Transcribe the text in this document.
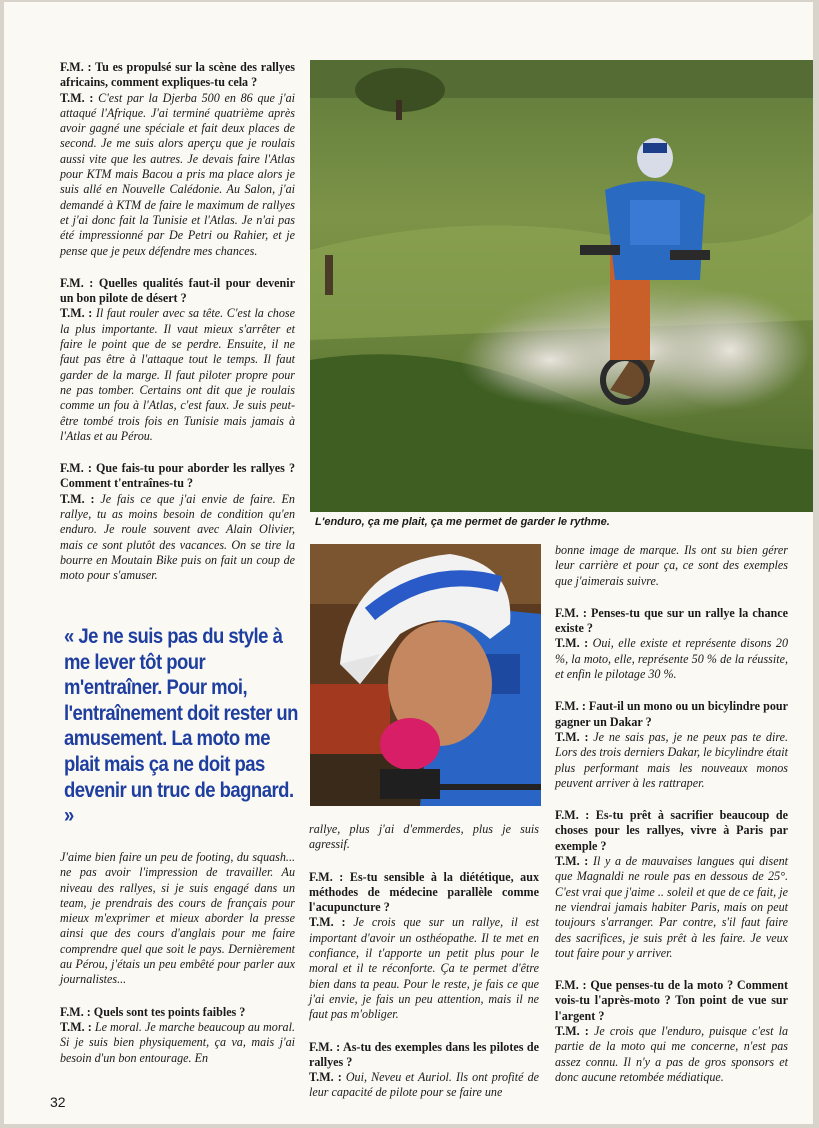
F.M. : Tu es propulsé sur la scène des rallyes africains, comment expliques-tu cela ?
T.M. : C'est par la Djerba 500 en 86 que j'ai attaqué l'Afrique. J'ai terminé quatrième après avoir gagné une spéciale et fait deux places de second. Je me suis alors aperçu que je roulais aussi vite que les autres. Je devais faire l'Atlas pour KTM mais Bacou a pris ma place alors je suis allé en Nouvelle Calédonie. Au Salon, j'ai demandé à KTM de faire le maximum de rallyes et j'ai donc fait la Tunisie et l'Atlas. Je n'ai pas été impressionné par De Petri ou Rahier, et je pense que je peux défendre mes chances.
F.M. : Quelles qualités faut-il pour devenir un bon pilote de désert ?
T.M. : Il faut rouler avec sa tête. C'est la chose la plus importante. Il vaut mieux s'arrêter et faire le point que de se perdre. Ensuite, il ne faut pas être à l'attaque tout le temps. Il faut garder de la marge. Il faut piloter propre pour ne pas tomber. Certains ont dit que je roulais comme un fou à l'Atlas, c'est faux. Je suis peut-être tombé trois fois en Tunisie mais jamais à l'Atlas et au Pérou.
F.M. : Que fais-tu pour aborder les rallyes ? Comment t'entraînes-tu ?
T.M. : Je fais ce que j'ai envie de faire. En rallye, tu as moins besoin de condition qu'en enduro. Je roule souvent avec Alain Olivier, mais ce sont plutôt des vacances. On se tire la bourre en Moutain Bike puis on fait un coup de moto pour s'amuser.
« Je ne suis pas du style à me lever tôt pour m'entraîner. Pour moi, l'entraînement doit rester un amusement. La moto me plait mais ça ne doit pas devenir un truc de bagnard. »
J'aime bien faire un peu de footing, du squash... ne pas avoir l'impression de travailler. Au niveau des rallyes, si je suis engagé dans un team, je prendrais des cours de français pour mieux m'exprimer et mieux aborder la presse ainsi que des cours d'anglais pour me faire comprendre quel que soit le pays. Dernièrement au Pérou, j'étais un peu embêté pour parler aux journalistes...
F.M. : Quels sont tes points faibles ?
T.M. : Le moral. Je marche beaucoup au moral. Si je suis bien physiquement, ça va, mais j'ai besoin d'un bon entourage. En
L'enduro, ça me plait, ça me permet de garder le rythme.
rallye, plus j'ai d'emmerdes, plus je suis agressif.
F.M. : Es-tu sensible à la diététique, aux méthodes de médecine parallèle comme l'acupuncture ?
T.M. : Je crois que sur un rallye, il est important d'avoir un osthéopathe. Il te met en confiance, il t'apporte un petit plus pour le moral et il te réconforte. Ça te permet d'être bien dans ta peau. Pour le reste, je fais ce que j'ai envie, je fais un peu attention, mais il ne faut pas m'obliger.
F.M. : As-tu des exemples dans les pilotes de rallyes ?
T.M. : Oui, Neveu et Auriol. Ils ont profité de leur capacité de pilote pour se faire une
bonne image de marque. Ils ont su bien gérer leur carrière et pour ça, ce sont des exemples que j'aimerais suivre.
F.M. : Penses-tu que sur un rallye la chance existe ?
T.M. : Oui, elle existe et représente disons 20 %, la moto, elle, représente 50 % de la réussite, et enfin le pilotage 30 %.
F.M. : Faut-il un mono ou un bicylindre pour gagner un Dakar ?
T.M. : Je ne sais pas, je ne peux pas te dire. Lors des trois derniers Dakar, le bicylindre était plus performant mais les nouveaux monos peuvent arriver à les rattraper.
F.M. : Es-tu prêt à sacrifier beaucoup de choses pour les rallyes, vivre à Paris par exemple ?
T.M. : Il y a de mauvaises langues qui disent que Magnaldi ne roule pas en dessous de 25°. C'est vrai que j'aime .. soleil et que de ce fait, je ne viendrai jamais habiter Paris, mais on peut toujours s'arranger. Par contre, s'il faut faire des sacrifices, je suis prêt à les faire. Je veux tout faire pour y arriver.
F.M. : Que penses-tu de la moto ? Comment vois-tu l'après-moto ? Ton point de vue sur l'argent ?
T.M. : Je crois que l'enduro, puisque c'est la partie de la moto qui me concerne, n'est pas assez connu. Il n'y a pas de gros sponsors et donc aucune retombée médiatique.
32
